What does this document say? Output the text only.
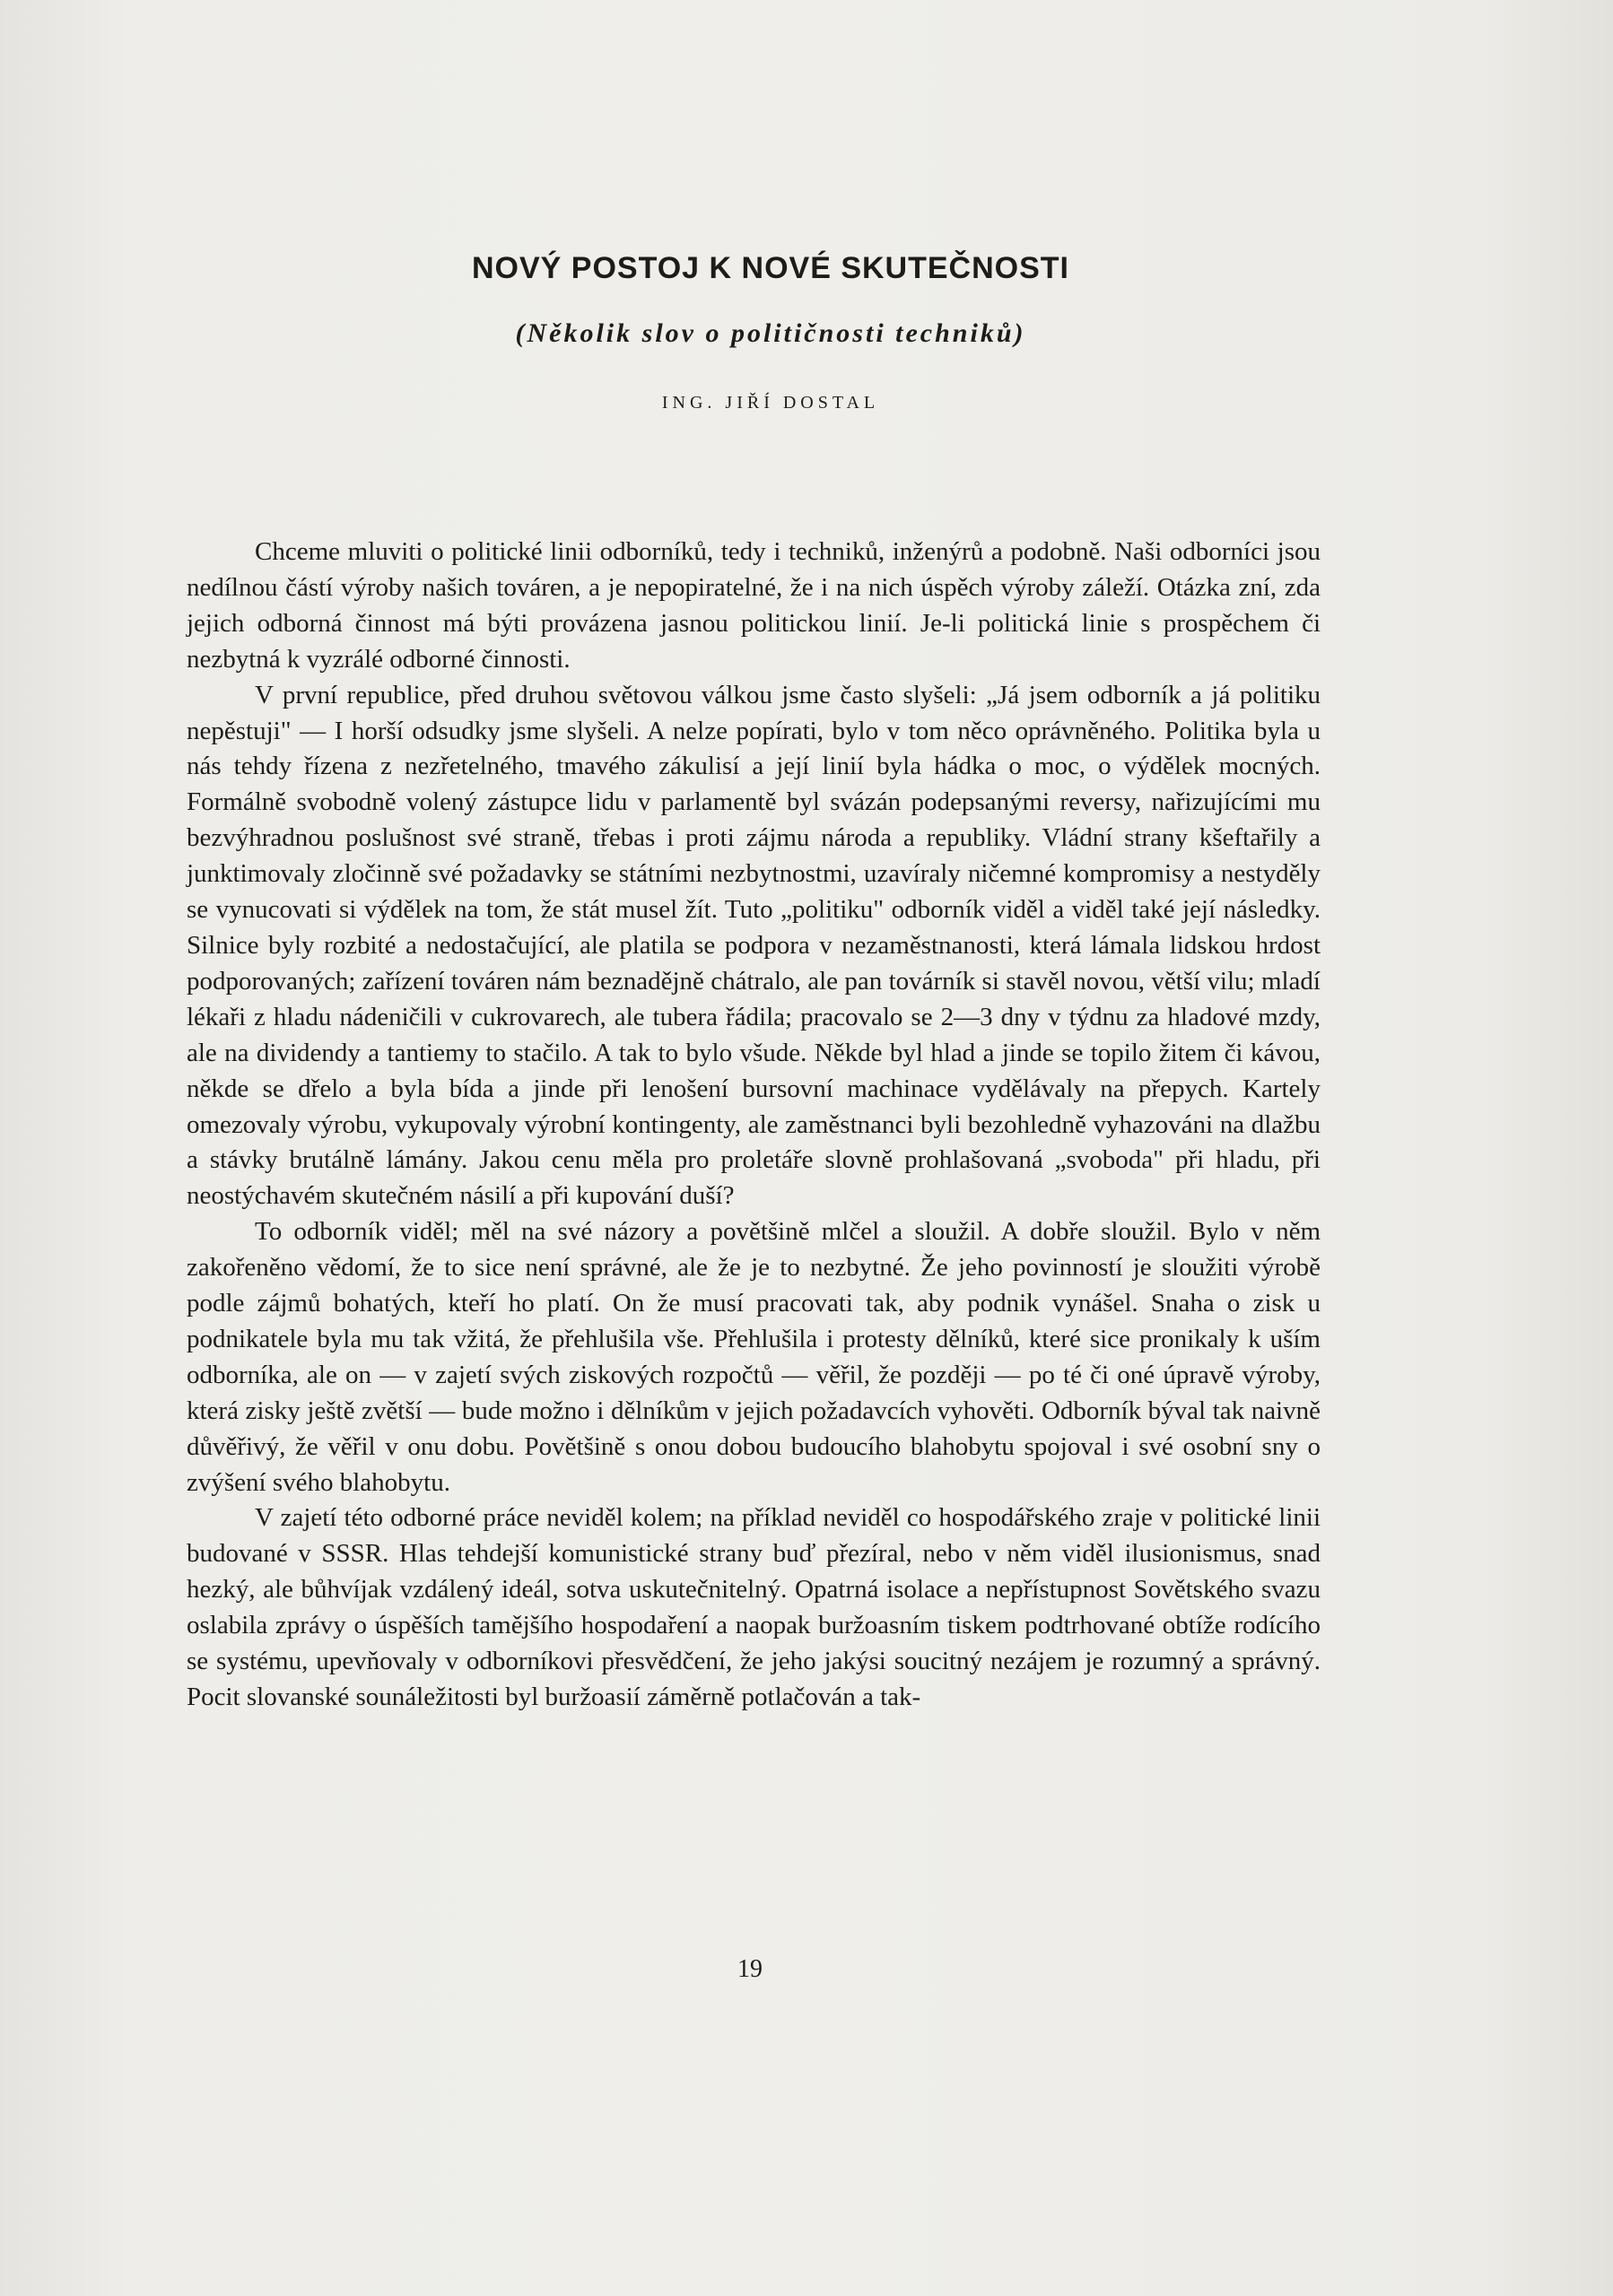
NOVÝ POSTOJ K NOVÉ SKUTEČNOSTI
(Několik slov o političnosti techniků)
ING. JIŘÍ DOSTAL

Chceme mluviti o politické linii odborníků, tedy i techniků, inženýrů a podobně. Naši odborníci jsou nedílnou částí výroby našich továren, a je nepopiratelné, že i na nich úspěch výroby záleží. Otázka zní, zda jejich odborná činnost má býti provázena jasnou politickou linií. Je-li politická linie s prospěchem či nezbytná k vyzrálé odborné činnosti.

V první republice, před druhou světovou válkou jsme často slyšeli: „Já jsem odborník a já politiku nepěstuji" — I horší odsudky jsme slyšeli. A nelze popírati, bylo v tom něco oprávněného. Politika byla u nás tehdy řízena z nezřetelného, tmavého zákulisí a její linií byla hádka o moc, o výdělek mocných. Formálně svobodně volený zástupce lidu v parlamentě byl svázán podepsanými reversy, nařizujícími mu bezvýhradnou poslušnost své straně, třebas i proti zájmu národa a republiky. Vládní strany kšeftařily a junktimovaly zločinně své požadavky se státními nezbytnostmi, uzavíraly ničemné kompromisy a nestyděly se vynucovati si výdělek na tom, že stát musel žít. Tuto „politiku" odborník viděl a viděl také její následky. Silnice byly rozbité a nedostačující, ale platila se podpora v nezaměstnanosti, která lámala lidskou hrdost podporovaných; zařízení továren nám beznadějně chátralo, ale pan továrník si stavěl novou, větší vilu; mladí lékaři z hladu nádeničili v cukrovarech, ale tubera řádila; pracovalo se 2—3 dny v týdnu za hladové mzdy, ale na dividendy a tantiemy to stačilo. A tak to bylo všude. Někde byl hlad a jinde se topilo žitem či kávou, někde se dřelo a byla bída a jinde při lenošení bursovní machinace vydělávaly na přepych. Kartely omezovaly výrobu, vykupovaly výrobní kontingenty, ale zaměstnanci byli bezohledně vyhazováni na dlažbu a stávky brutálně lámány. Jakou cenu měla pro proletáře slovně prohlašovaná „svoboda" při hladu, při neostýchavém skutečném násilí a při kupování duší?

To odborník viděl; měl na své názory a povětšině mlčel a sloužil. A dobře sloužil. Bylo v něm zakořeněno vědomí, že to sice není správné, ale že je to nezbytné. Že jeho povinností je sloužiti výrobě podle zájmů bohatých, kteří ho platí. On že musí pracovati tak, aby podnik vynášel. Snaha o zisk u podnikatele byla mu tak vžitá, že přehlušila vše. Přehlušila i protesty dělníků, které sice pronikaly k uším odborníka, ale on — v zajetí svých ziskových rozpočtů — věřil, že později — po té či oné úpravě výroby, která zisky ještě zvětší — bude možno i dělníkům v jejich požadavcích vyhověti. Odborník býval tak naivně důvěřivý, že věřil v onu dobu. Povětšině s onou dobou budoucího blahobytu spojoval i své osobní sny o zvýšení svého blahobytu.

V zajetí této odborné práce neviděl kolem; na příklad neviděl co hospodářského zraje v politické linii budované v SSSR. Hlas tehdejší komunistické strany buď přezíral, nebo v něm viděl ilusionismus, snad hezký, ale bůhvíjak vzdálený ideál, sotva uskutečnitelný. Opatrná isolace a nepřístupnost Sovětského svazu oslabila zprávy o úspěších tamějšího hospodaření a naopak buržoasním tiskem podtrhované obtíže rodícího se systému, upevňovaly v odborníkovi přesvědčení, že jeho jakýsi soucitný nezájem je rozumný a správný. Pocit slovanské sounáležitosti byl buržoasií záměrně potlačován a tak-

19
